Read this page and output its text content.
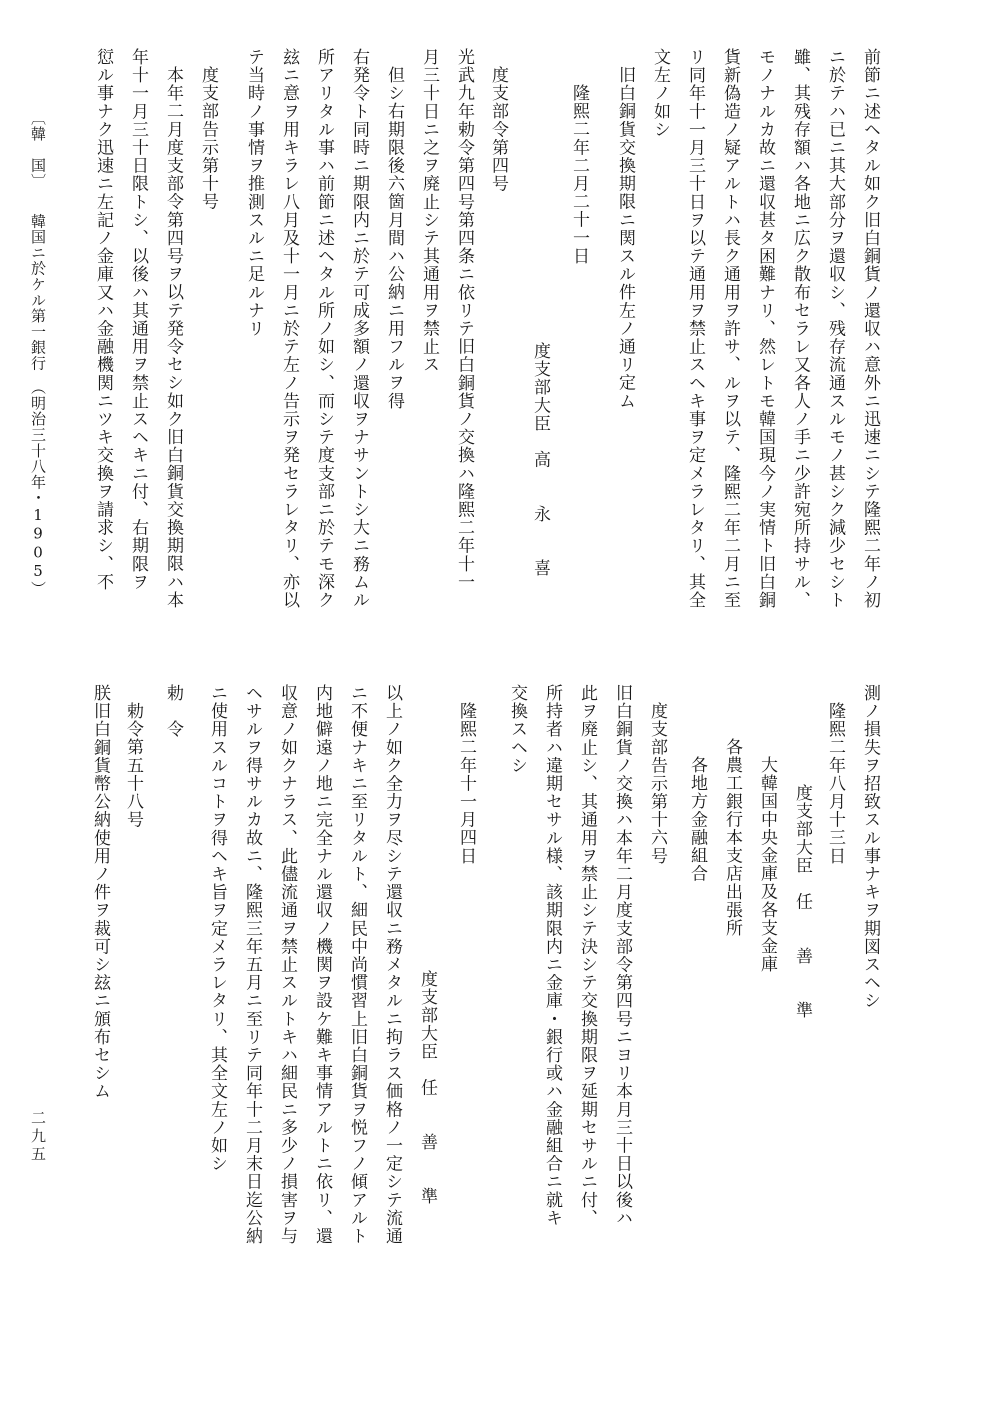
前節ニ述ヘタル如ク旧白銅貨ノ還収ハ意外ニ迅速ニシテ隆熙二年ノ初

ニ於テハ已ニ其大部分ヲ還収シ、残存流通スルモノ甚シク減少セシト

雖、其残存額ハ各地ニ広ク散布セラレ又各人ノ手ニ少許宛所持サル、

モノナルカ故ニ還収甚タ困難ナリ、然レトモ韓国現今ノ実情ト旧白銅

貨新偽造ノ疑アルトハ長ク通用ヲ許サ、ルヲ以テ、隆熙二年二月ニ至

リ同年十一月三十日ヲ以テ通用ヲ禁止スヘキ事ヲ定メラレタリ、其全

文左ノ如シ

旧白銅貨交換期限ニ関スル件左ノ通リ定ム

隆熙二年二月二十一日

度支部大臣　高　　永　　喜

度支部令第四号

光武九年勅令第四号第四条ニ依リテ旧白銅貨ノ交換ハ隆熙二年十一

月三十日ニ之ヲ廃止シテ其通用ヲ禁止ス

但シ右期限後六箇月間ハ公納ニ用フルヲ得

右発令ト同時ニ期限内ニ於テ可成多額ノ還収ヲナサントシ大ニ務ムル

所アリタル事ハ前節ニ述ヘタル所ノ如シ、而シテ度支部ニ於テモ深ク

玆ニ意ヲ用キラレ八月及十一月ニ於テ左ノ告示ヲ発セラレタリ、亦以

テ当時ノ事情ヲ推測スルニ足ルナリ

度支部告示第十号

本年二月度支部令第四号ヲ以テ発令セシ如ク旧白銅貨交換期限ハ本

年十一月三十日限トシ、以後ハ其通用ヲ禁止スヘキニ付、右期限ヲ

愆ル事ナク迅速ニ左記ノ金庫又ハ金融機関ニツキ交換ヲ請求シ、不

測ノ損失ヲ招致スル事ナキヲ期図スヘシ

隆熙二年八月十三日

度支部大臣　任　　善　　準

大韓国中央金庫及各支金庫

各農工銀行本支店出張所

各地方金融組合

度支部告示第十六号

旧白銅貨ノ交換ハ本年二月度支部令第四号ニヨリ本月三十日以後ハ

此ヲ廃止シ、其通用ヲ禁止シテ決シテ交換期限ヲ延期セサルニ付、

所持者ハ違期セサル様、該期限内ニ金庫・銀行或ハ金融組合ニ就キ

交換スヘシ

隆熙二年十一月四日

度支部大臣　任　　善　　準

以上ノ如ク全力ヲ尽シテ還収ニ務メタルニ拘ラス価格ノ一定シテ流通

ニ不便ナキニ至リタルト、細民中尚慣習上旧白銅貨ヲ悦フノ傾アルト

内地僻遠ノ地ニ完全ナル還収ノ機関ヲ設ケ難キ事情アルトニ依リ、還

収意ノ如クナラス、此儘流通ヲ禁止スルトキハ細民ニ多少ノ損害ヲ与

ヘサルヲ得サルカ故ニ、隆熙三年五月ニ至リテ同年十二月末日迄公納

ニ使用スルコトヲ得ヘキ旨ヲ定メラレタリ、其全文左ノ如シ

勅　令

勅令第五十八号

朕旧白銅貨幣公納使用ノ件ヲ裁可シ玆ニ頒布セシム

〔韓　国〕　　韓国ニ於ケル第一銀行　（明治三十八年・1905）

二九五
